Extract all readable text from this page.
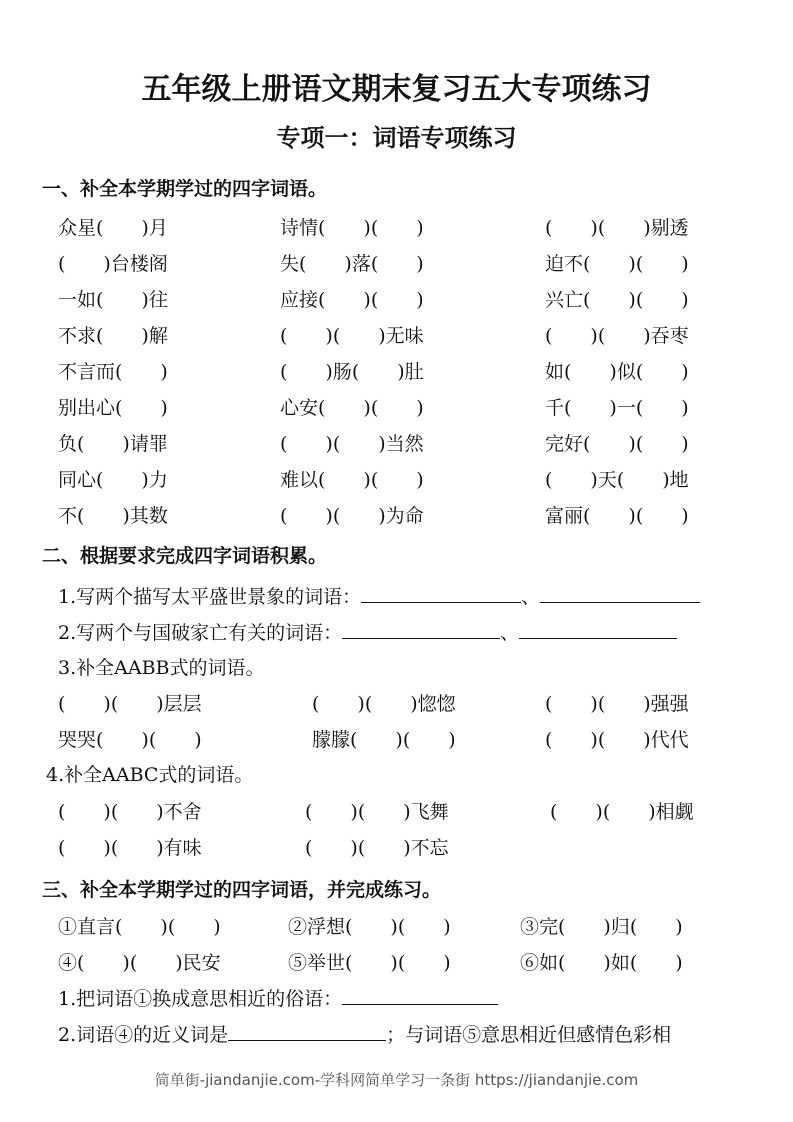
五年级上册语文期末复习五大专项练习
专项一：词语专项练习
一、补全本学期学过的四字词语。
众星(　　)月	诗情(　　)(　　)	(　　)(　　)剔透
(　　)台楼阁	失(　　)落(　　)	迫不(　　)(　　)
一如(　　)往	应接(　　)(　　)	兴亡(　　)(　　)
不求(　　)解	(　　)(　　)无味	(　　)(　　)吞枣
不言而(　　)	(　　)肠(　　)肚	如(　　)似(　　)
别出心(　　)	心安(　　)(　　)	千(　　)一(　　)
负(　　)请罪	(　　)(　　)当然	完好(　　)(　　)
同心(　　)力	难以(　　)(　　)	(　　)天(　　)地
不(　　)其数	(　　)(　　)为命	富丽(　　)(　　)
二、根据要求完成四字词语积累。
1.写两个描写太平盛世景象的词语：	、
2.写两个与国破家亡有关的词语：	、
3.补全AABB式的词语。
(　　)(　　)层层	(　　)(　　)惚惚	(　　)(　　)强强
哭哭(　　)(　　)	朦朦(　　)(　　)	(　　)(　　)代代
4.补全AABC式的词语。
(　　)(　　)不舍	(　　)(　　)飞舞	(　　)(　　)相觑
(　　)(　　)有味	(　　)(　　)不忘
三、补全本学期学过的四字词语，并完成练习。
①直言(　　)(　　)	②浮想(　　)(　　)	③完(　　)归(　　)
④(　　)(　　)民安	⑤举世(　　)(　　)	⑥如(　　)如(　　)
1.把词语①换成意思相近的俗语：
2.词语④的近义词是	；与词语⑤意思相近但感情色彩相
简单街-jiandanjie.com-学科网简单学习一条街 https://jiandanjie.com
